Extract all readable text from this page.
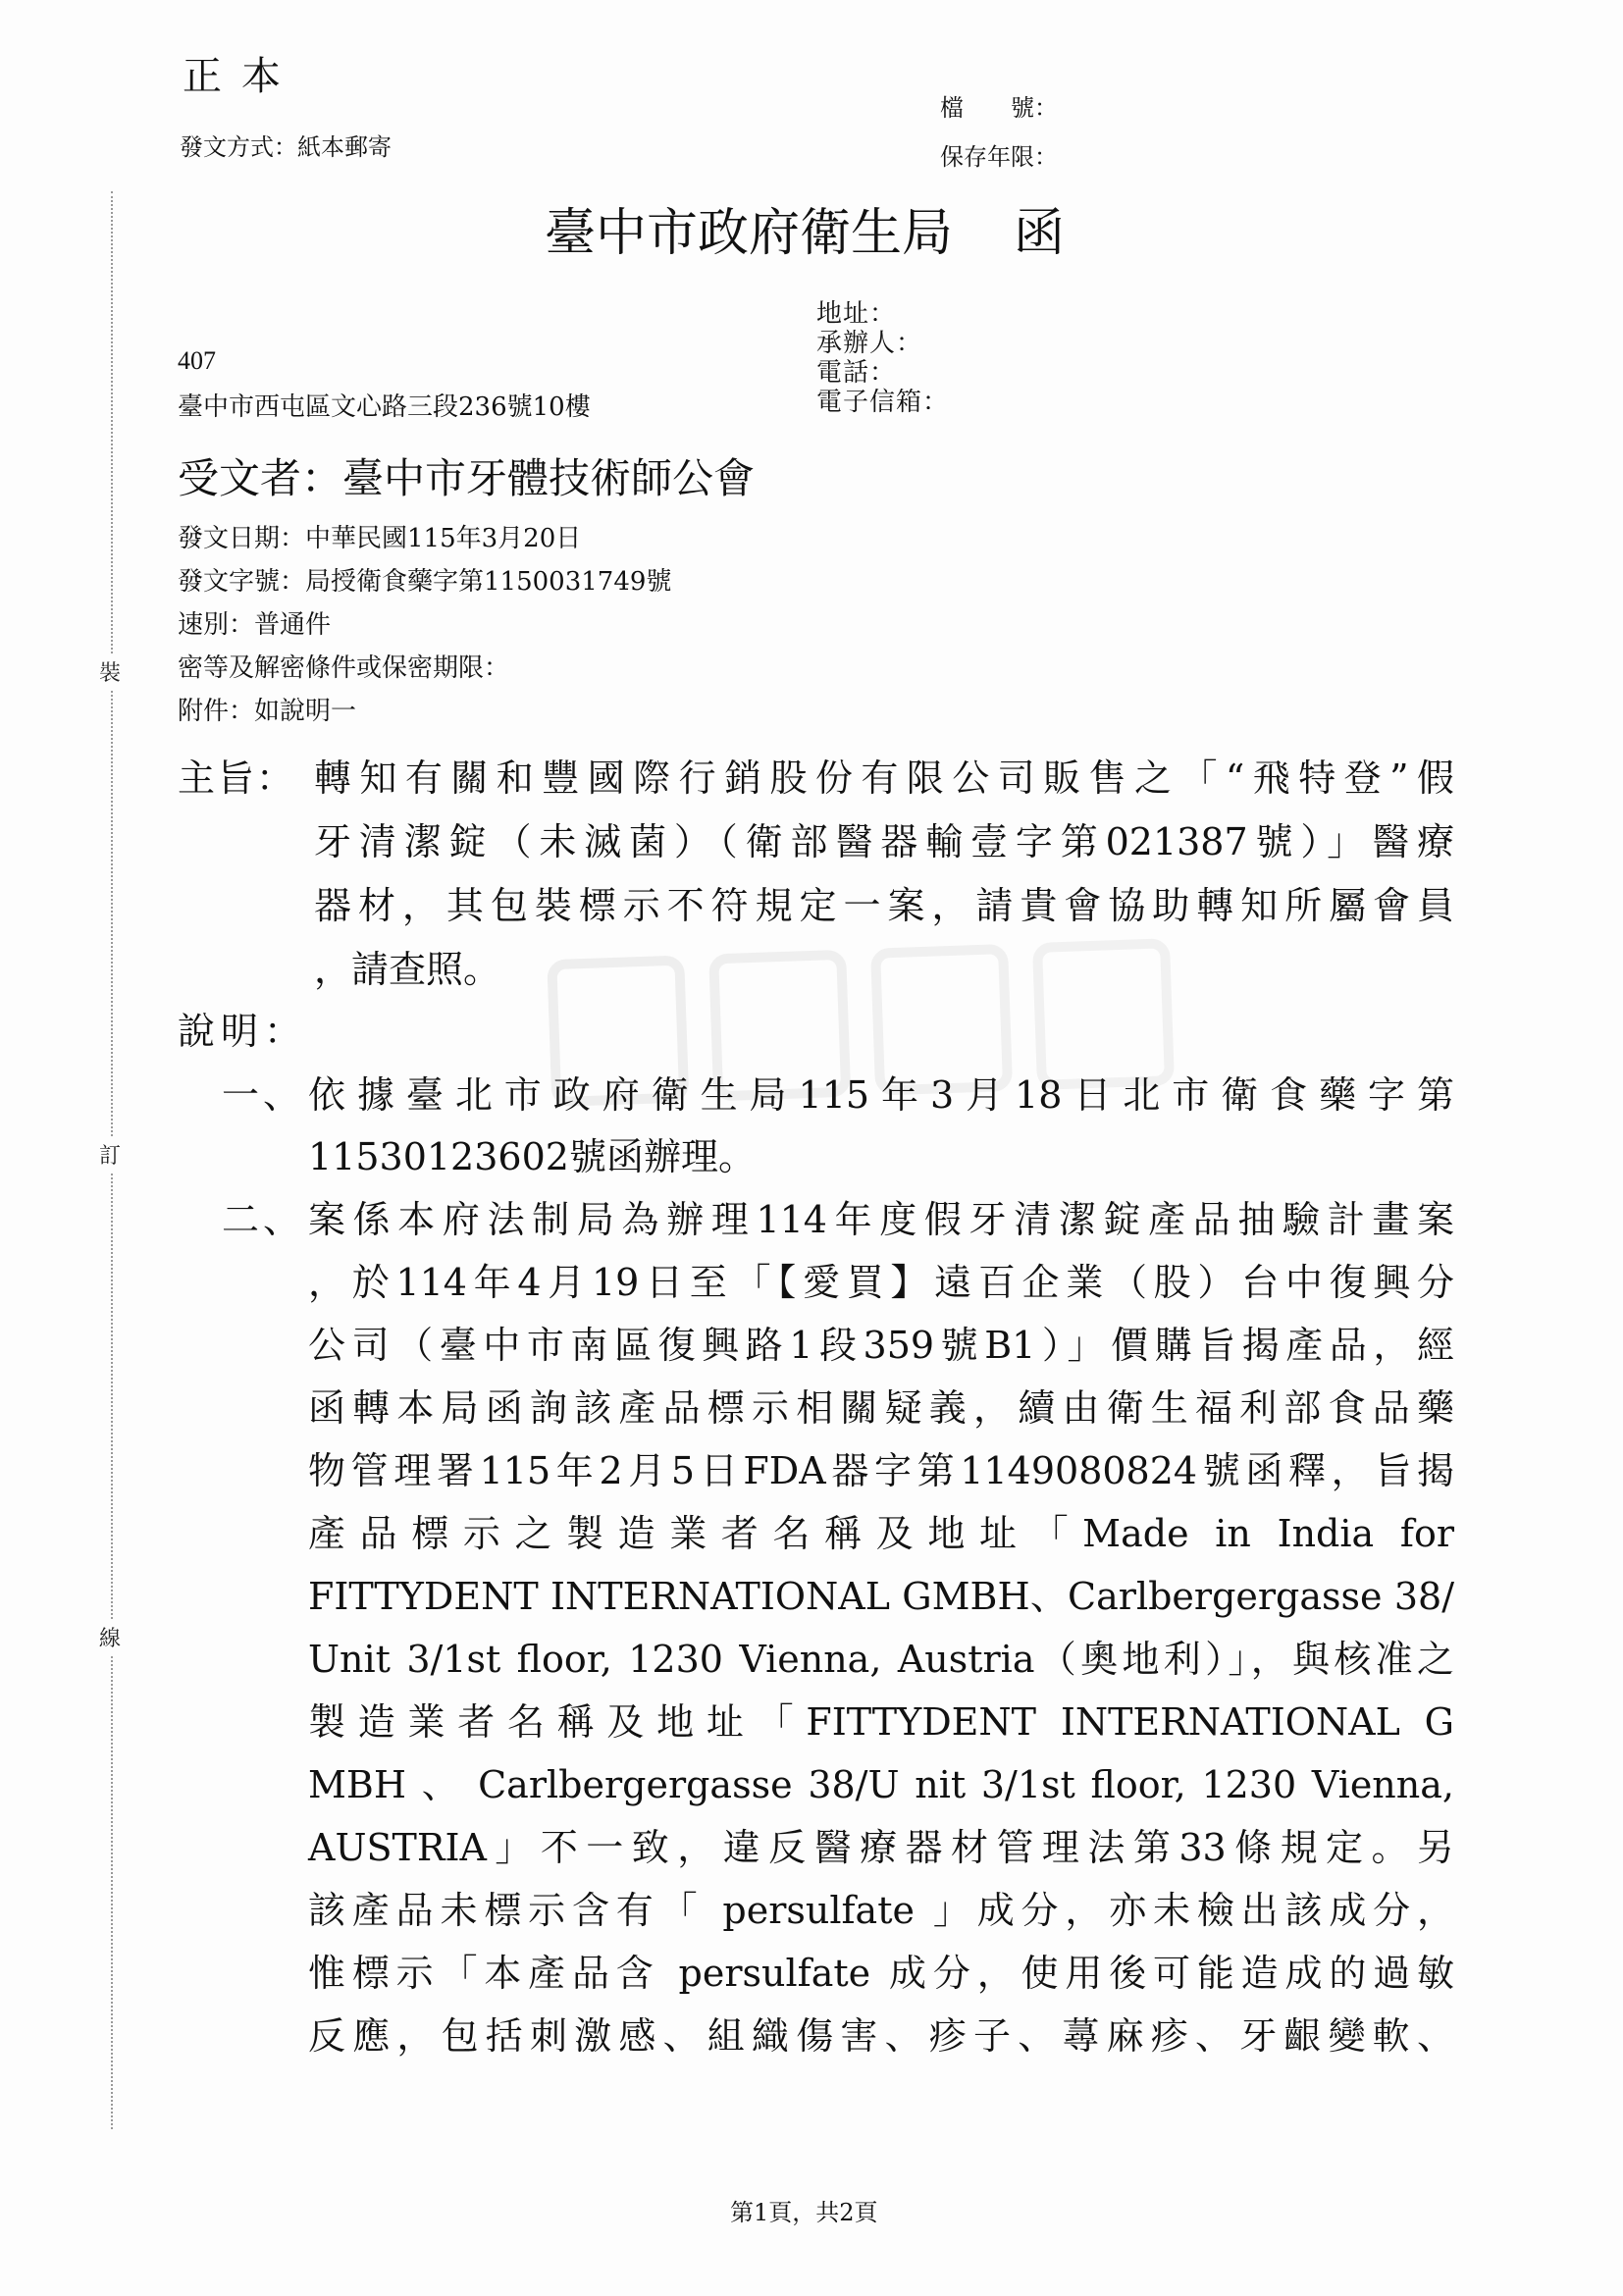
正本
發文方式：紙本郵寄
檔　　號：
保存年限：
臺中市政府衛生局 函
地址：
承辦人：
電話：
電子信箱：
407
臺中市西屯區文心路三段236號10樓
受文者：臺中市牙體技術師公會
發文日期：中華民國115年3月20日
發文字號：局授衛食藥字第1150031749號
速別：普通件
密等及解密條件或保密期限：
附件：如說明一
裝
訂
線
主旨： 轉知有關和豐國際行銷股份有限公司販售之「“飛特登”假
牙清潔錠（未滅菌）（衛部醫器輸壹字第021387號）」醫療
器材，其包裝標示不符規定一案，請貴會協助轉知所屬會員
，請查照。
說明：
一、 依據臺北市政府衛生局115年3月18日北市衛食藥字第
11530123602號函辦理。
二、 案係本府法制局為辦理114年度假牙清潔錠產品抽驗計畫案
，於114年4月19日至「【愛買】遠百企業（股）台中復興分
公司（臺中市南區復興路1段359號B1）」價購旨揭產品，經
函轉本局函詢該產品標示相關疑義，續由衛生福利部食品藥
物管理署115年2月5日FDA器字第1149080824號函釋，旨揭
產品標示之製造業者名稱及地址「Made in India for
FITTYDENT INTERNATIONAL GMBH、Carlbergergasse 38/
Unit 3/1st floor, 1230 Vienna, Austria（奧地利）」，與核准之
製造業者名稱及地址「FITTYDENT INTERNATIONAL G
MBH 、 Carlbergergasse 38/U nit 3/1st floor, 1230 Vienna,
AUSTRIA」不一致，違反醫療器材管理法第33條規定。另
該產品未標示含有「 persulfate 」成分，亦未檢出該成分，
惟標示「本產品含 persulfate 成分，使用後可能造成的過敏
反應，包括刺激感、組織傷害、疹子、蕁麻疹、牙齦變軟、
第1頁，共2頁
